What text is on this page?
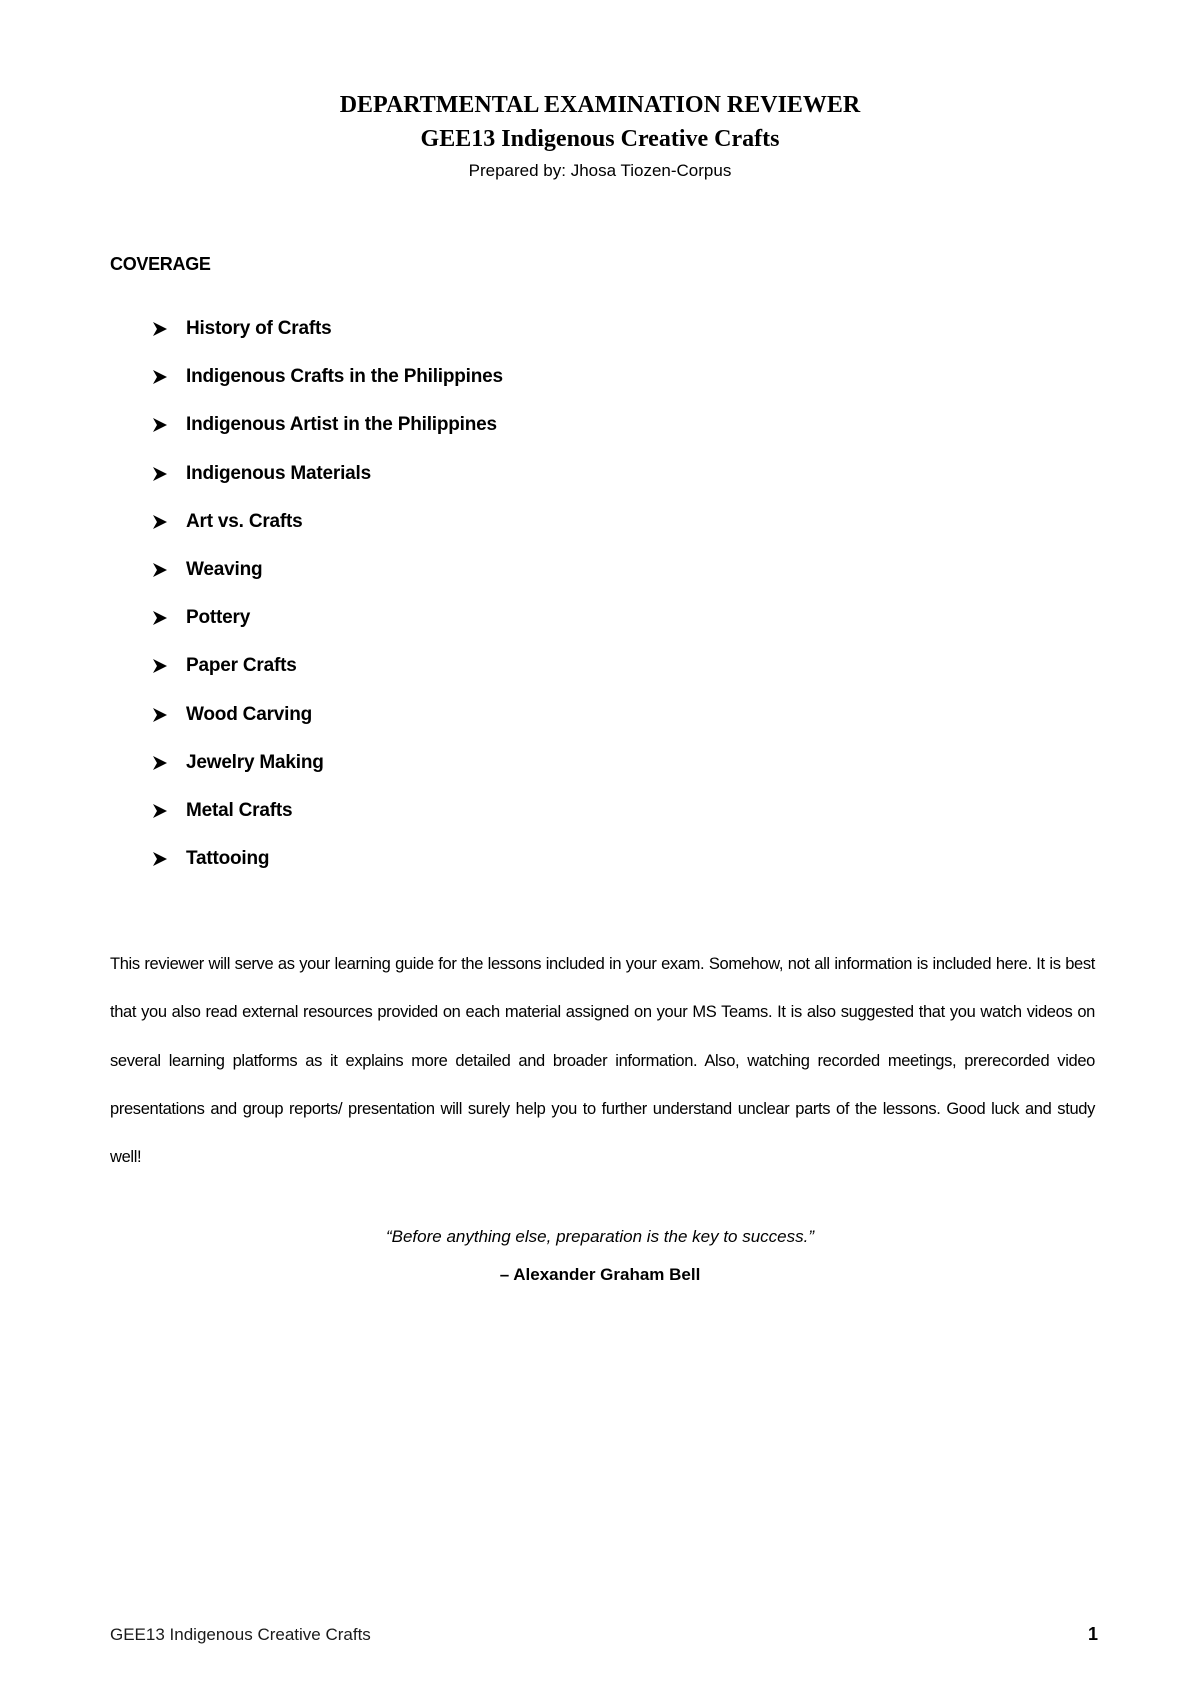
DEPARTMENTAL EXAMINATION REVIEWER

GEE13 Indigenous Creative Crafts

Prepared by: Jhosa Tiozen-Corpus

COVERAGE

History of Crafts
Indigenous Crafts in the Philippines
Indigenous Artist in the Philippines
Indigenous Materials
Art vs. Crafts
Weaving
Pottery
Paper Crafts
Wood Carving
Jewelry Making
Metal Crafts
Tattooing

This reviewer will serve as your learning guide for the lessons included in your exam. Somehow, not all information is included here. It is best that you also read external resources provided on each material assigned on your MS Teams. It is also suggested that you watch videos on several learning platforms as it explains more detailed and broader information. Also, watching recorded meetings, prerecorded video presentations and group reports/ presentation will surely help you to further understand unclear parts of the lessons. Good luck and study well!

“Before anything else, preparation is the key to success.”

– Alexander Graham Bell

GEE13 Indigenous Creative Crafts	1
